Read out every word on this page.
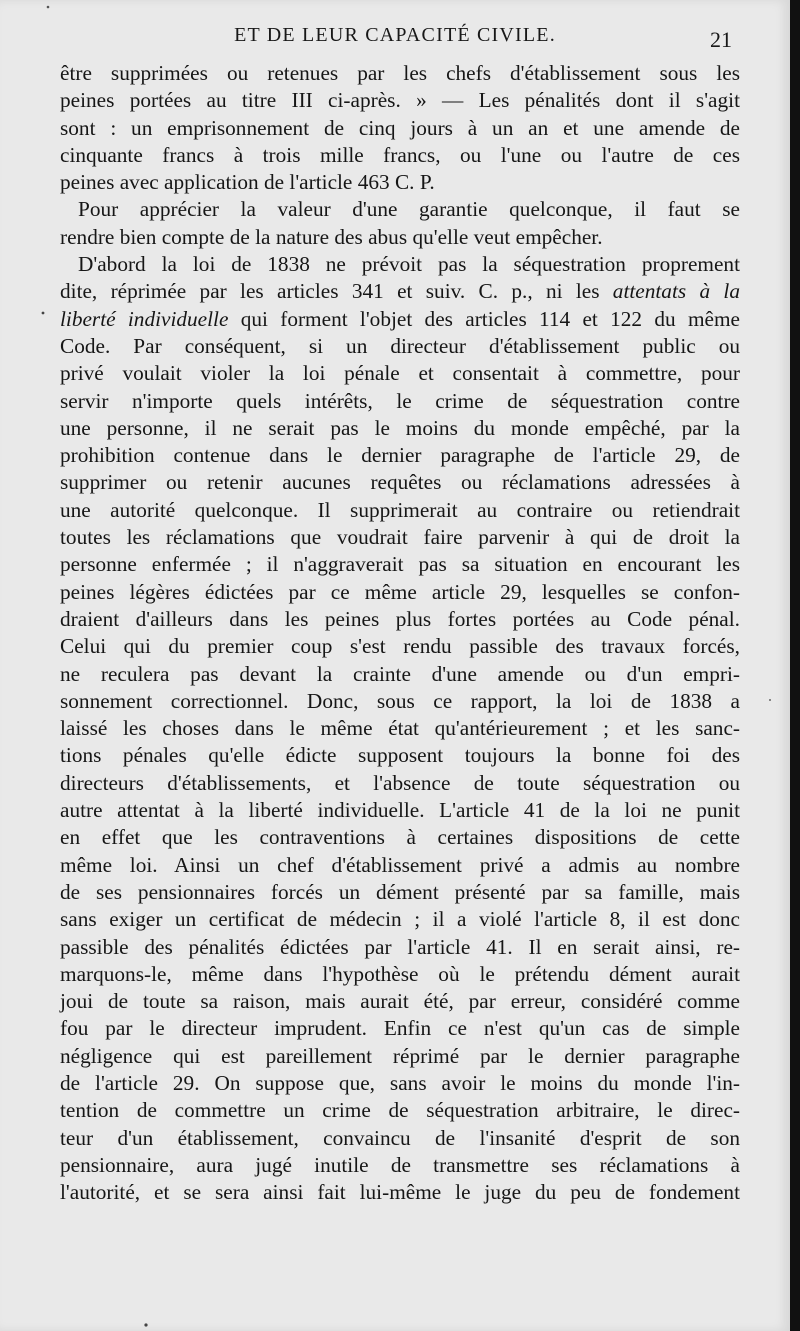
ET DE LEUR CAPACITÉ CIVILE.	21
être supprimées ou retenues par les chefs d'établissement sous les
peines portées au titre III ci-après. » — Les pénalités dont il s'agit
sont : un emprisonnement de cinq jours à un an et une amende de
cinquante francs à trois mille francs, ou l'une ou l'autre de ces
peines avec application de l'article 463 C. P.
Pour apprécier la valeur d'une garantie quelconque, il faut se
rendre bien compte de la nature des abus qu'elle veut empêcher.
D'abord la loi de 1838 ne prévoit pas la séquestration proprement
dite, réprimée par les articles 341 et suiv. C. p., ni les attentats à la
liberté individuelle qui forment l'objet des articles 114 et 122 du même
Code. Par conséquent, si un directeur d'établissement public ou
privé voulait violer la loi pénale et consentait à commettre, pour
servir n'importe quels intérêts, le crime de séquestration contre
une personne, il ne serait pas le moins du monde empêché, par la
prohibition contenue dans le dernier paragraphe de l'article 29, de
supprimer ou retenir aucunes requêtes ou réclamations adressées à
une autorité quelconque. Il supprimerait au contraire ou retiendrait
toutes les réclamations que voudrait faire parvenir à qui de droit la
personne enfermée ; il n'aggraverait pas sa situation en encourant les
peines légères édictées par ce même article 29, lesquelles se confon-
draient d'ailleurs dans les peines plus fortes portées au Code pénal.
Celui qui du premier coup s'est rendu passible des travaux forcés,
ne reculera pas devant la crainte d'une amende ou d'un empri-
sonnement correctionnel. Donc, sous ce rapport, la loi de 1838 a
laissé les choses dans le même état qu'antérieurement ; et les sanc-
tions pénales qu'elle édicte supposent toujours la bonne foi des
directeurs d'établissements, et l'absence de toute séquestration ou
autre attentat à la liberté individuelle. L'article 41 de la loi ne punit
en effet que les contraventions à certaines dispositions de cette
même loi. Ainsi un chef d'établissement privé a admis au nombre
de ses pensionnaires forcés un dément présenté par sa famille, mais
sans exiger un certificat de médecin ; il a violé l'article 8, il est donc
passible des pénalités édictées par l'article 41. Il en serait ainsi, re-
marquons-le, même dans l'hypothèse où le prétendu dément aurait
joui de toute sa raison, mais aurait été, par erreur, considéré comme
fou par le directeur imprudent. Enfin ce n'est qu'un cas de simple
négligence qui est pareillement réprimé par le dernier paragraphe
de l'article 29. On suppose que, sans avoir le moins du monde l'in-
tention de commettre un crime de séquestration arbitraire, le direc-
teur d'un établissement, convaincu de l'insanité d'esprit de son
pensionnaire, aura jugé inutile de transmettre ses réclamations à
l'autorité, et se sera ainsi fait lui-même le juge du peu de fondement
